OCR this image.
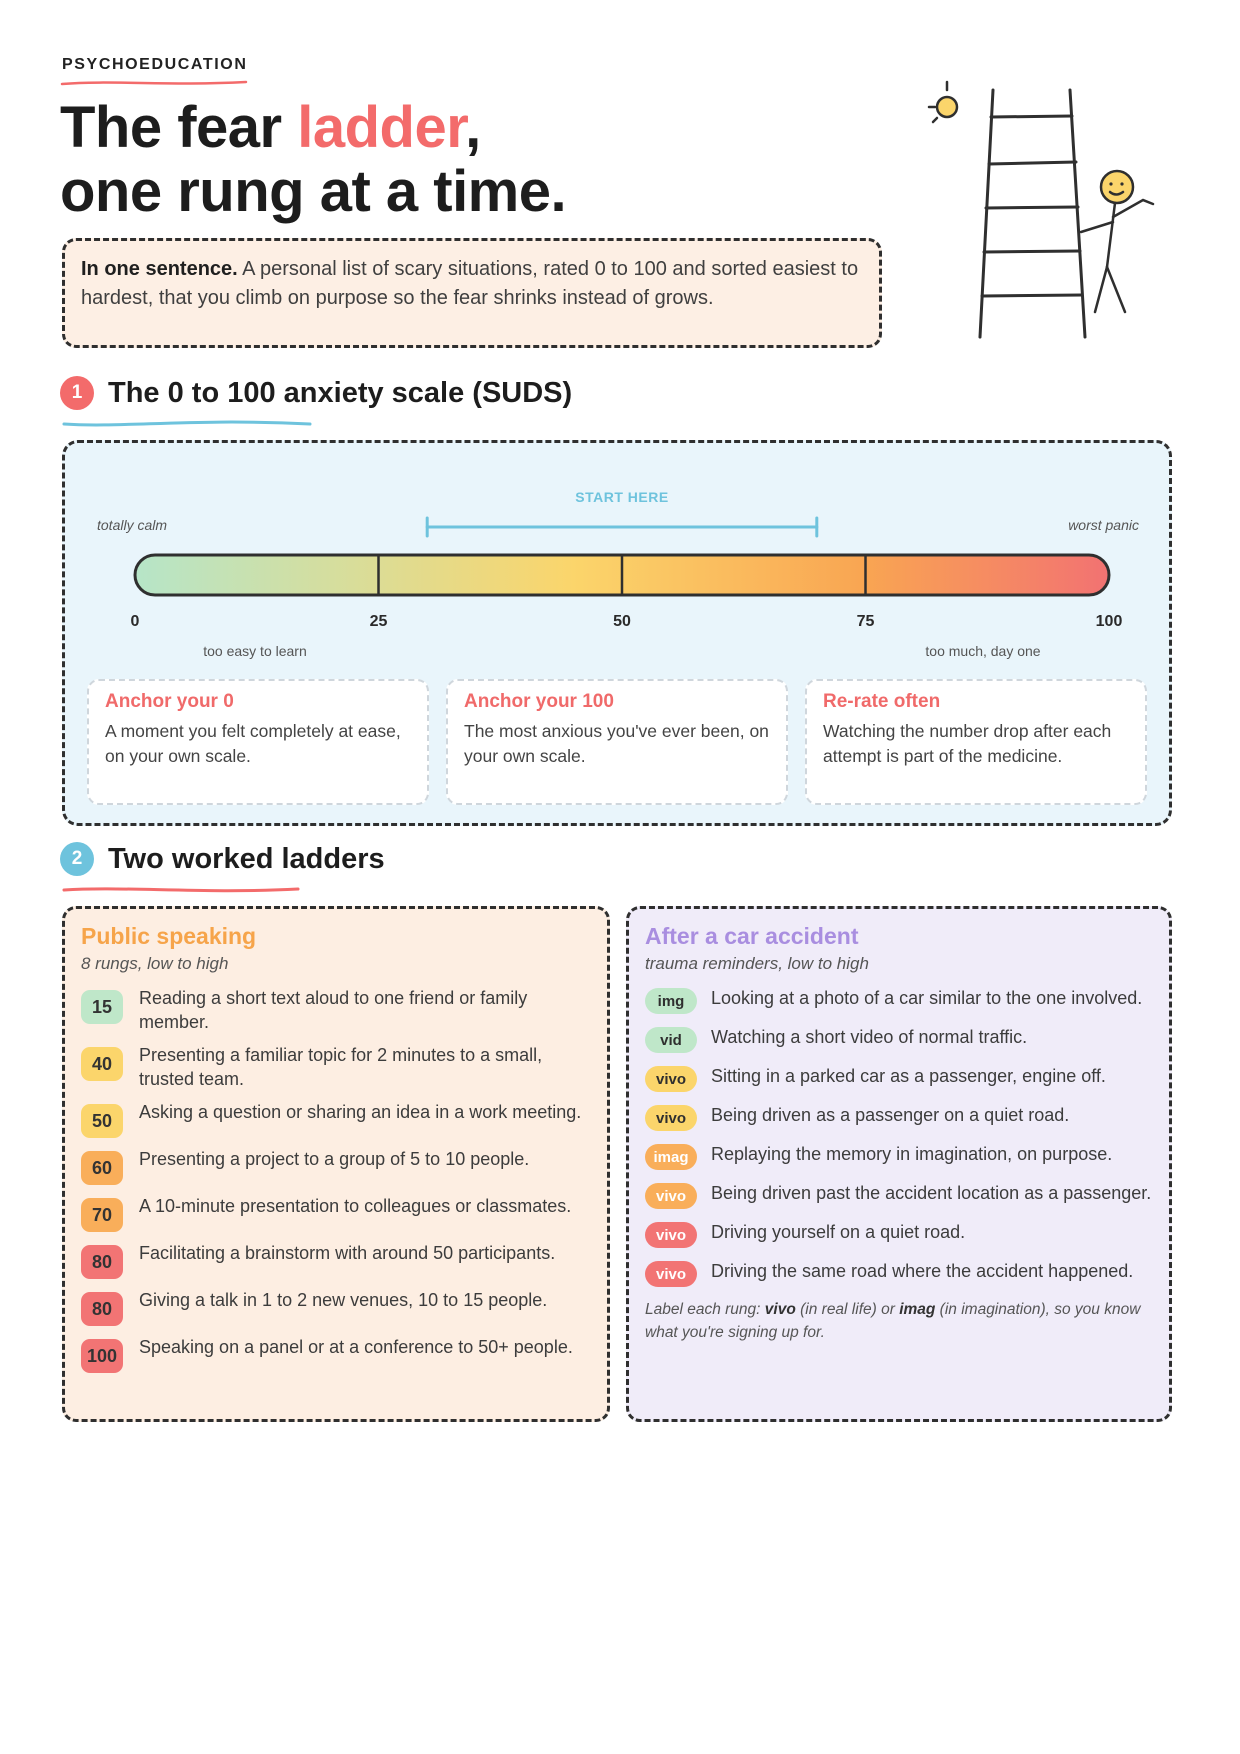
PSYCHOEDUCATION
The fear ladder,
one rung at a time.
In one sentence. A personal list of scary situations, rated 0 to 100 and sorted easiest to hardest, that you climb on purpose so the fear shrinks instead of grows.
1 The 0 to 100 anxiety scale (SUDS)
START HERE
totally calm	worst panic
0	25	50	75	100
too easy to learn	too much, day one
Anchor your 0
A moment you felt completely at ease, on your own scale.
Anchor your 100
The most anxious you've ever been, on your own scale.
Re-rate often
Watching the number drop after each attempt is part of the medicine.
2 Two worked ladders
Public speaking
8 rungs, low to high
15	Reading a short text aloud to one friend or family member.
40	Presenting a familiar topic for 2 minutes to a small, trusted team.
50	Asking a question or sharing an idea in a work meeting.
60	Presenting a project to a group of 5 to 10 people.
70	A 10-minute presentation to colleagues or classmates.
80	Facilitating a brainstorm with around 50 participants.
80	Giving a talk in 1 to 2 new venues, 10 to 15 people.
100	Speaking on a panel or at a conference to 50+ people.
After a car accident
trauma reminders, low to high
img	Looking at a photo of a car similar to the one involved.
vid	Watching a short video of normal traffic.
vivo	Sitting in a parked car as a passenger, engine off.
vivo	Being driven as a passenger on a quiet road.
imag	Replaying the memory in imagination, on purpose.
vivo	Being driven past the accident location as a passenger.
vivo	Driving yourself on a quiet road.
vivo	Driving the same road where the accident happened.
Label each rung: vivo (in real life) or imag (in imagination), so you know what you're signing up for.
